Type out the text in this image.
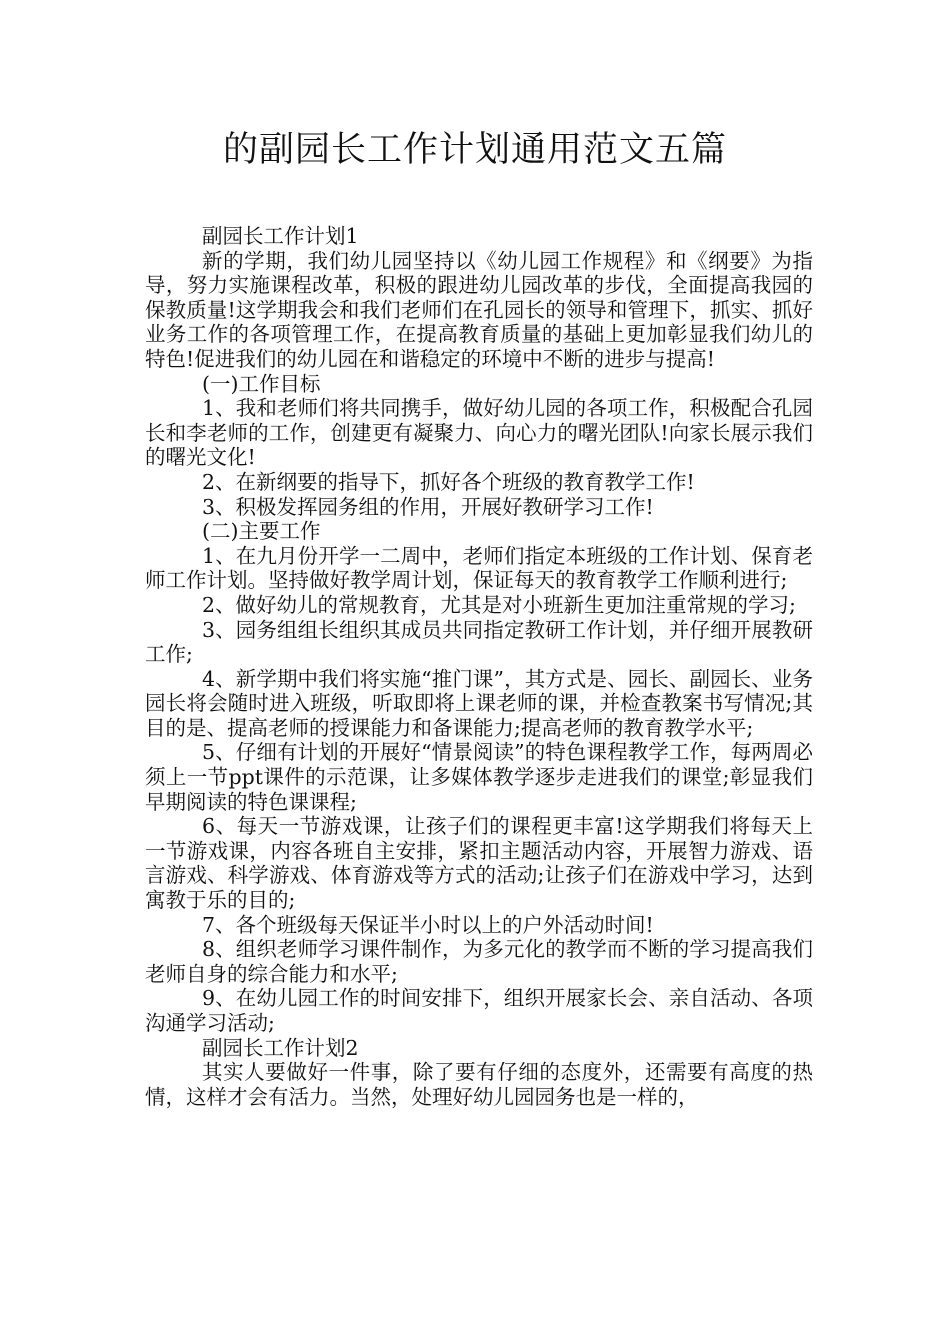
的副园长工作计划通用范文五篇

副园长工作计划1

新的学期，我们幼儿园坚持以《幼儿园工作规程》和《纲要》为指导，努力实施课程改革，积极的跟进幼儿园改革的步伐，全面提高我园的保教质量!这学期我会和我们老师们在孔园长的领导和管理下，抓实、抓好业务工作的各项管理工作，在提高教育质量的基础上更加彰显我们幼儿的特色!促进我们的幼儿园在和谐稳定的环境中不断的进步与提高!

(一)工作目标

1、我和老师们将共同携手，做好幼儿园的各项工作，积极配合孔园长和李老师的工作，创建更有凝聚力、向心力的曙光团队!向家长展示我们的曙光文化!

2、在新纲要的指导下，抓好各个班级的教育教学工作!

3、积极发挥园务组的作用，开展好教研学习工作!

(二)主要工作

1、在九月份开学一二周中，老师们指定本班级的工作计划、保育老师工作计划。坚持做好教学周计划，保证每天的教育教学工作顺利进行;

2、做好幼儿的常规教育，尤其是对小班新生更加注重常规的学习;

3、园务组组长组织其成员共同指定教研工作计划，并仔细开展教研工作;

4、新学期中我们将实施“推门课”，其方式是、园长、副园长、业务园长将会随时进入班级，听取即将上课老师的课，并检查教案书写情况;其目的是、提高老师的授课能力和备课能力;提高老师的教育教学水平;

5、仔细有计划的开展好“情景阅读”的特色课程教学工作，每两周必须上一节ppt课件的示范课，让多媒体教学逐步走进我们的课堂;彰显我们早期阅读的特色课课程;

6、每天一节游戏课，让孩子们的课程更丰富!这学期我们将每天上一节游戏课，内容各班自主安排，紧扣主题活动内容，开展智力游戏、语言游戏、科学游戏、体育游戏等方式的活动;让孩子们在游戏中学习，达到寓教于乐的目的;

7、各个班级每天保证半小时以上的户外活动时间!

8、组织老师学习课件制作，为多元化的教学而不断的学习提高我们老师自身的综合能力和水平;

9、在幼儿园工作的时间安排下，组织开展家长会、亲自活动、各项沟通学习活动;

副园长工作计划2

其实人要做好一件事，除了要有仔细的态度外，还需要有高度的热情，这样才会有活力。当然，处理好幼儿园园务也是一样的，
